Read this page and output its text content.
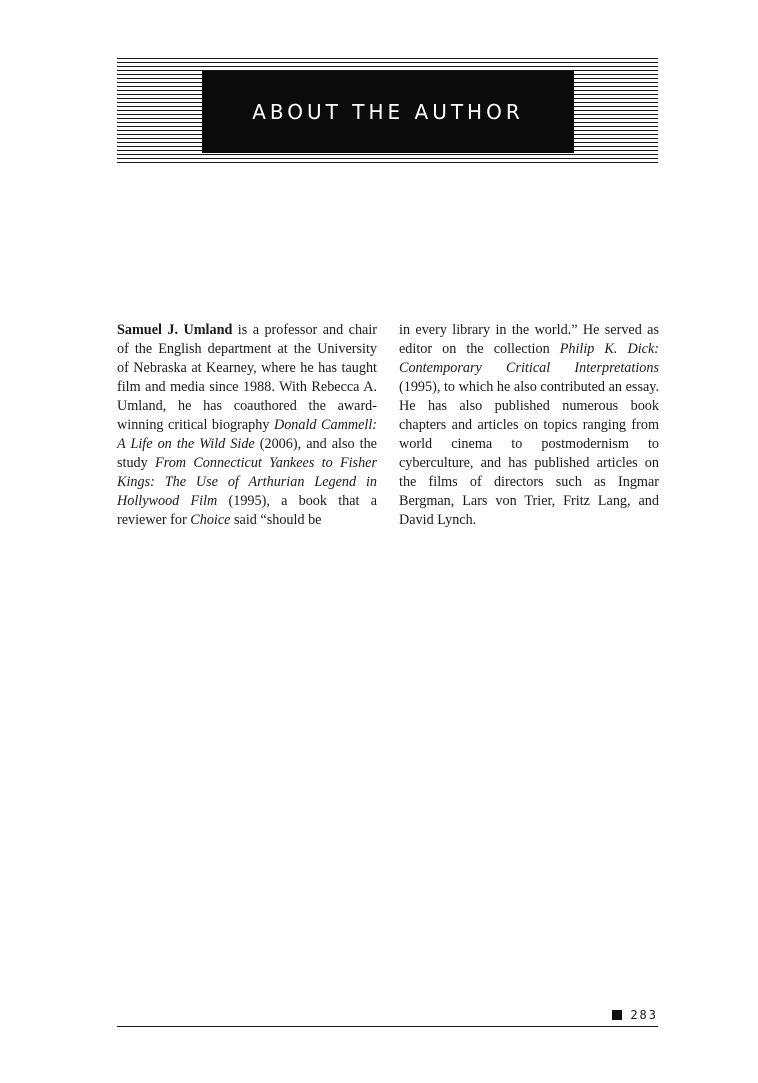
ABOUT THE AUTHOR

Samuel J. Umland is a professor and chair of the English department at the University of Nebraska at Kearney, where he has taught film and media since 1988. With Rebecca A. Umland, he has coauthored the award-winning critical biography Donald Cammell: A Life on the Wild Side (2006), and also the study From Connecticut Yankees to Fisher Kings: The Use of Arthurian Legend in Hollywood Film (1995), a book that a reviewer for Choice said “should be

in every library in the world.” He served as editor on the collection Philip K. Dick: Contemporary Critical Interpretations (1995), to which he also contributed an essay. He has also published numerous book chapters and articles on topics ranging from world cinema to postmodernism to cyberculture, and has published articles on the films of directors such as Ingmar Bergman, Lars von Trier, Fritz Lang, and David Lynch.

283
